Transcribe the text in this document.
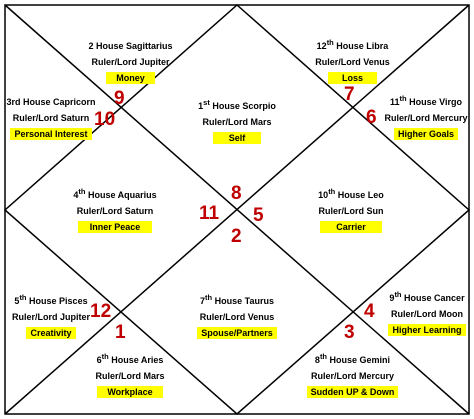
2 House Sagittarius
Ruler/Lord Jupiter
Money
12th House Libra
Ruler/Lord Venus
Loss
3rd House Capricorn
Ruler/Lord Saturn
Personal Interest
11th House Virgo
Ruler/Lord Mercury
Higher Goals
1st House Scorpio
Ruler/Lord Mars
Self
4th House Aquarius
Ruler/Lord Saturn
Inner Peace
10th House Leo
Ruler/Lord Sun
Carrier
5th House Pisces
Ruler/Lord Jupiter
Creativity
7th House Taurus
Ruler/Lord Venus
Spouse/Partners
9th House Cancer
Ruler/Lord Moon
Higher Learning
6th House Aries
Ruler/Lord Mars
Workplace
8th House Gemini
Ruler/Lord Mercury
Sudden UP & Down
9
10
7
6
8
11 5
2
12	4
1	3
